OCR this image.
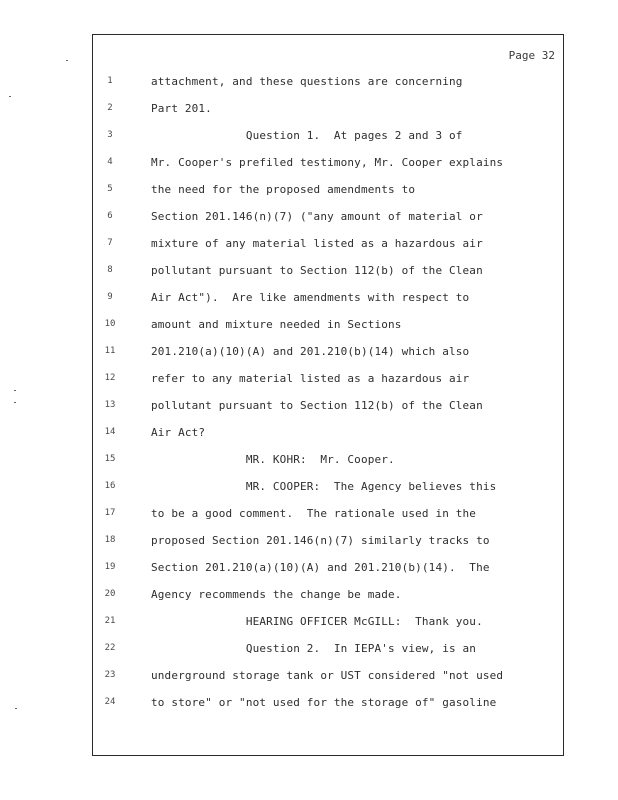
Page 32
1	attachment, and these questions are concerning
2	Part 201.
3	Question 1.  At pages 2 and 3 of
4	Mr. Cooper's prefiled testimony, Mr. Cooper explains
5	the need for the proposed amendments to
6	Section 201.146(n)(7) ("any amount of material or
7	mixture of any material listed as a hazardous air
8	pollutant pursuant to Section 112(b) of the Clean
9	Air Act").  Are like amendments with respect to
10	amount and mixture needed in Sections
11	201.210(a)(10)(A) and 201.210(b)(14) which also
12	refer to any material listed as a hazardous air
13	pollutant pursuant to Section 112(b) of the Clean
14	Air Act?
15	MR. KOHR:  Mr. Cooper.
16	MR. COOPER:  The Agency believes this
17	to be a good comment.  The rationale used in the
18	proposed Section 201.146(n)(7) similarly tracks to
19	Section 201.210(a)(10)(A) and 201.210(b)(14).  The
20	Agency recommends the change be made.
21	HEARING OFFICER McGILL:  Thank you.
22	Question 2.  In IEPA's view, is an
23	underground storage tank or UST considered "not used
24	to store" or "not used for the storage of" gasoline
